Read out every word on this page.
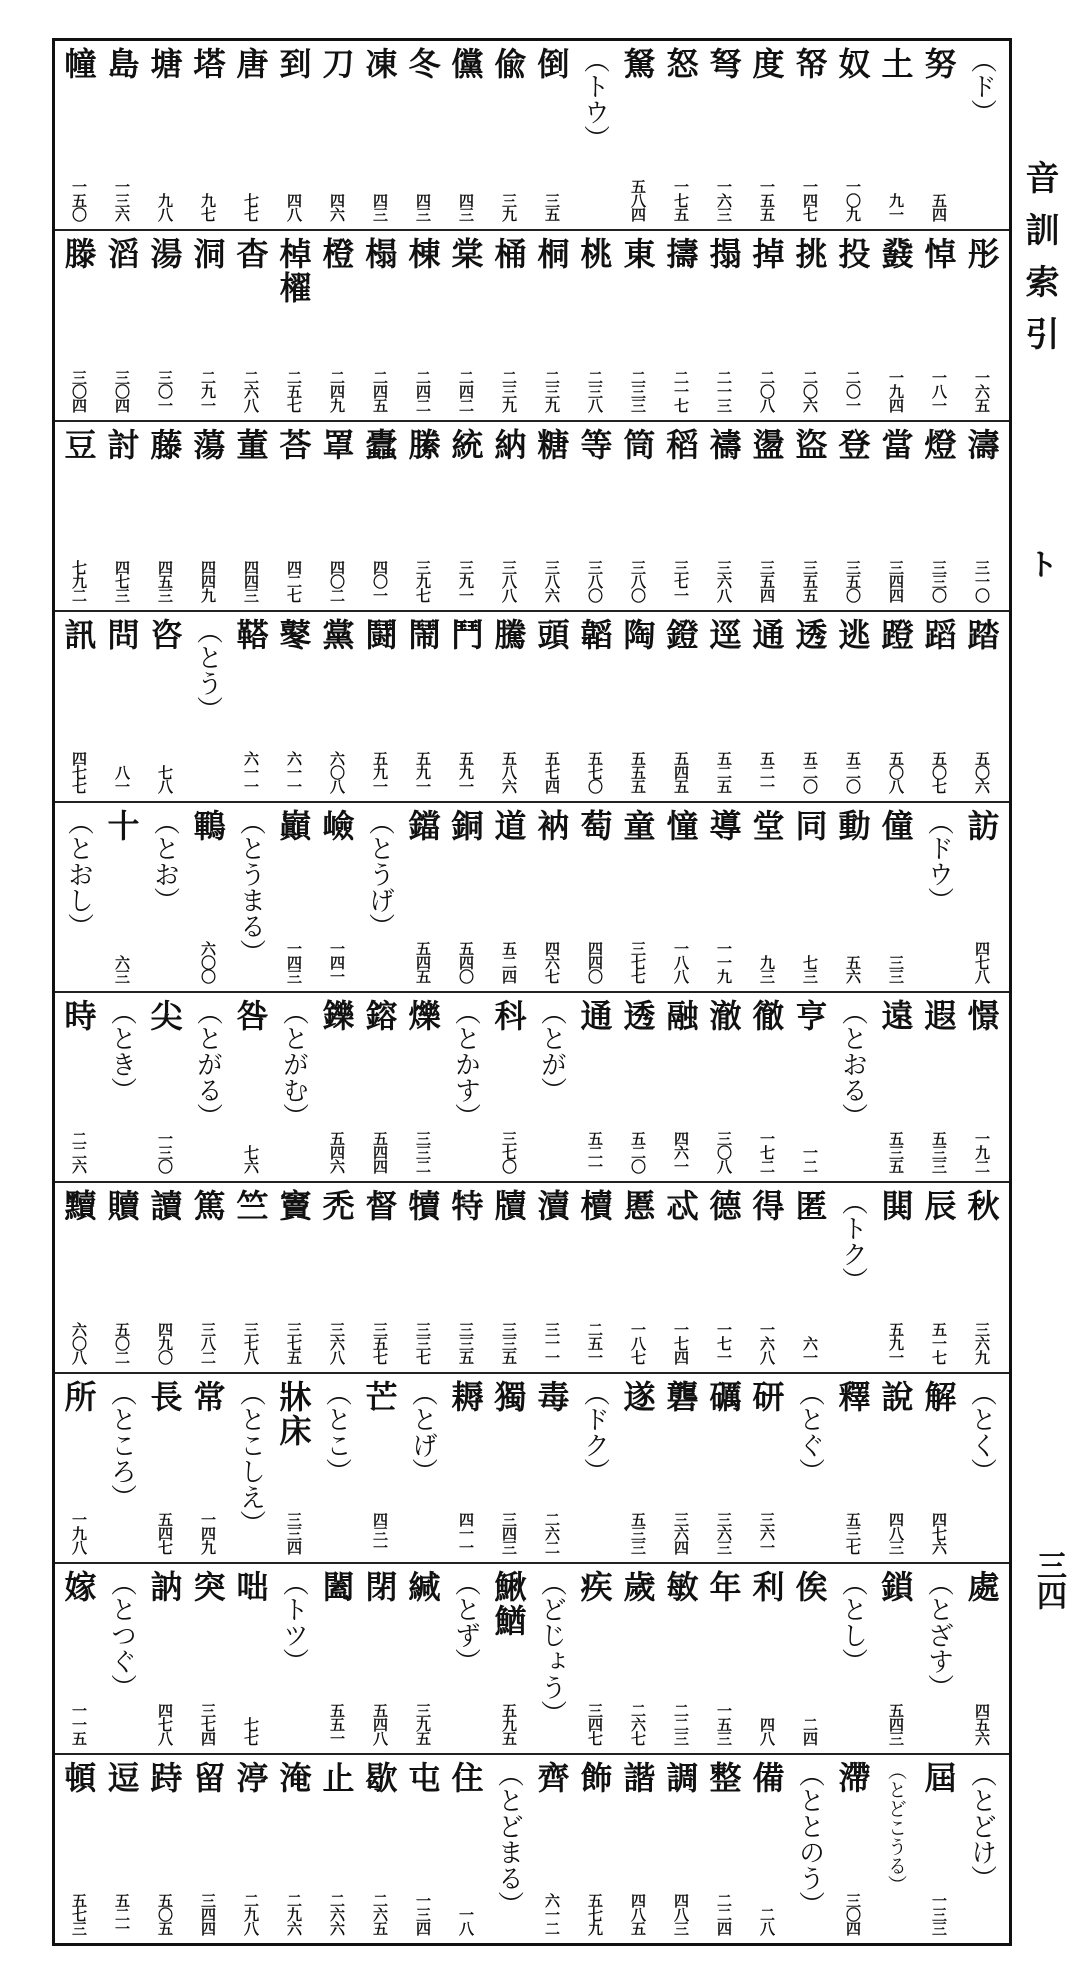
音訓索引
ト
三四
（ド）
努
五四
土
九一
奴
一〇九
帑
一四七
度
一五五
弩
一六三
怒
一七五
駑
五八四
（トウ）
倒
三五
偸
三九
儻
四三
冬
四三
凍
四三
刀
四六
到
四八
唐
七七
塔
九七
塘
九八
島
一三六
幢
一五〇
彤
一六五
悼
一八一
鼗
一九四
投
二〇一
挑
二〇六
掉
二〇八
搨
二一三
擣
二一七
東
二三三
桃
二三八
桐
二三九
桶
二三九
棠
二四二
棟
二四二
榻
二四五
橙
二四九
棹櫂
二五七
杳
二六八
洞
二九一
湯
三〇一
滔
三〇四
滕
三〇四
濤
三一〇
燈
三三〇
當
三四四
登
三五〇
盜
三五五
盪
三五四
禱
三六八
稻
三七一
筒
三八〇
等
三八〇
糖
三八六
納
三八八
統
三九一
縢
三九七
蠹
四〇一
罩
四〇二
荅
四二七
董
四四三
蕩
四四九
藤
四五三
討
四七三
豆
七九二
踏
五〇六
蹈
五〇七
蹬
五〇八
逃
五二〇
透
五二〇
通
五二一
逕
五二五
鐙
五四五
陶
五五五
韜
五七〇
頭
五七四
騰
五八六
鬥
五九一
鬧
五九一
鬪
五九一
黨
六〇八
鼕
六一一
鞳
六一一
（とう）
咨
七八
問
八一
訊
四七七
訪
四七八
（ドウ）
僮
三三
動
五六
同
七三
堂
九三
導
一一九
憧
一八八
童
三七七
萄
四四〇
衲
四六七
道
五二四
銅
五四〇
鐺
五四五
（とうげ）
嶮
一四一
巓
一四三
（とうまる）
鶤
六〇〇
（とお）
十
六三
（とおし）
憬
一九二
遐
五三三
遠
五三五
（とおる）
亨
一二
徹
一七二
澈
三〇八
融
四六一
透
五二〇
通
五二一
（とが）
科
三七〇
（とかす）
爍
三三二
鎔
五四四
鑠
五四六
（とがむ）
咎
七六
（とがる）
尖
一三〇
（とき）
時
二二六
秋
三六九
辰
五一七
閧
五九一
（トク）
匿
六一
得
一六八
德
一七一
忒
一七四
慝
一八七
櫝
二五一
瀆
三一一
牘
三三五
特
三三五
犢
三三七
督
三五七
禿
三六八
竇
三七五
竺
三七八
篤
三八二
讀
四九〇
贖
五〇二
黷
六〇八
（とく）
解
四七六
說
四八三
釋
五三七
（とぐ）
研
三六一
礪
三六三
礱
三六四
遂
五三三
（ドク）
毒
二六二
獨
三四三
耨
四一一
（とげ）
芒
四三一
（とこ）
牀床
三三四
（とこしえ）
常
一四九
長
五四七
（ところ）
所
一九八
處
四五六
（とざす）
鎖
五四三
（とし）
俟
二四
利
四八
年
一五三
敏
二二三
歲
二六七
疾
三四七
（どじょう）
鰍鰌
五九五
（とず）
緘
三九五
閉
五四八
闔
五五一
（トツ）
咄
七七
突
三七四
訥
四七八
（とつぐ）
嫁
一一五
（とどけ）
屆
一三三
（とどこうる）
滯
三〇四
（ととのう）
備
二八
整
二二四
調
四八三
諧
四八五
飾
五七九
齊
六一二
（とどまる）
住
一八
屯
一三四
歇
二六五
止
二六六
淹
二九六
渟
二九八
留
三四四
跱
五〇五
逗
五二一
頓
五七三
